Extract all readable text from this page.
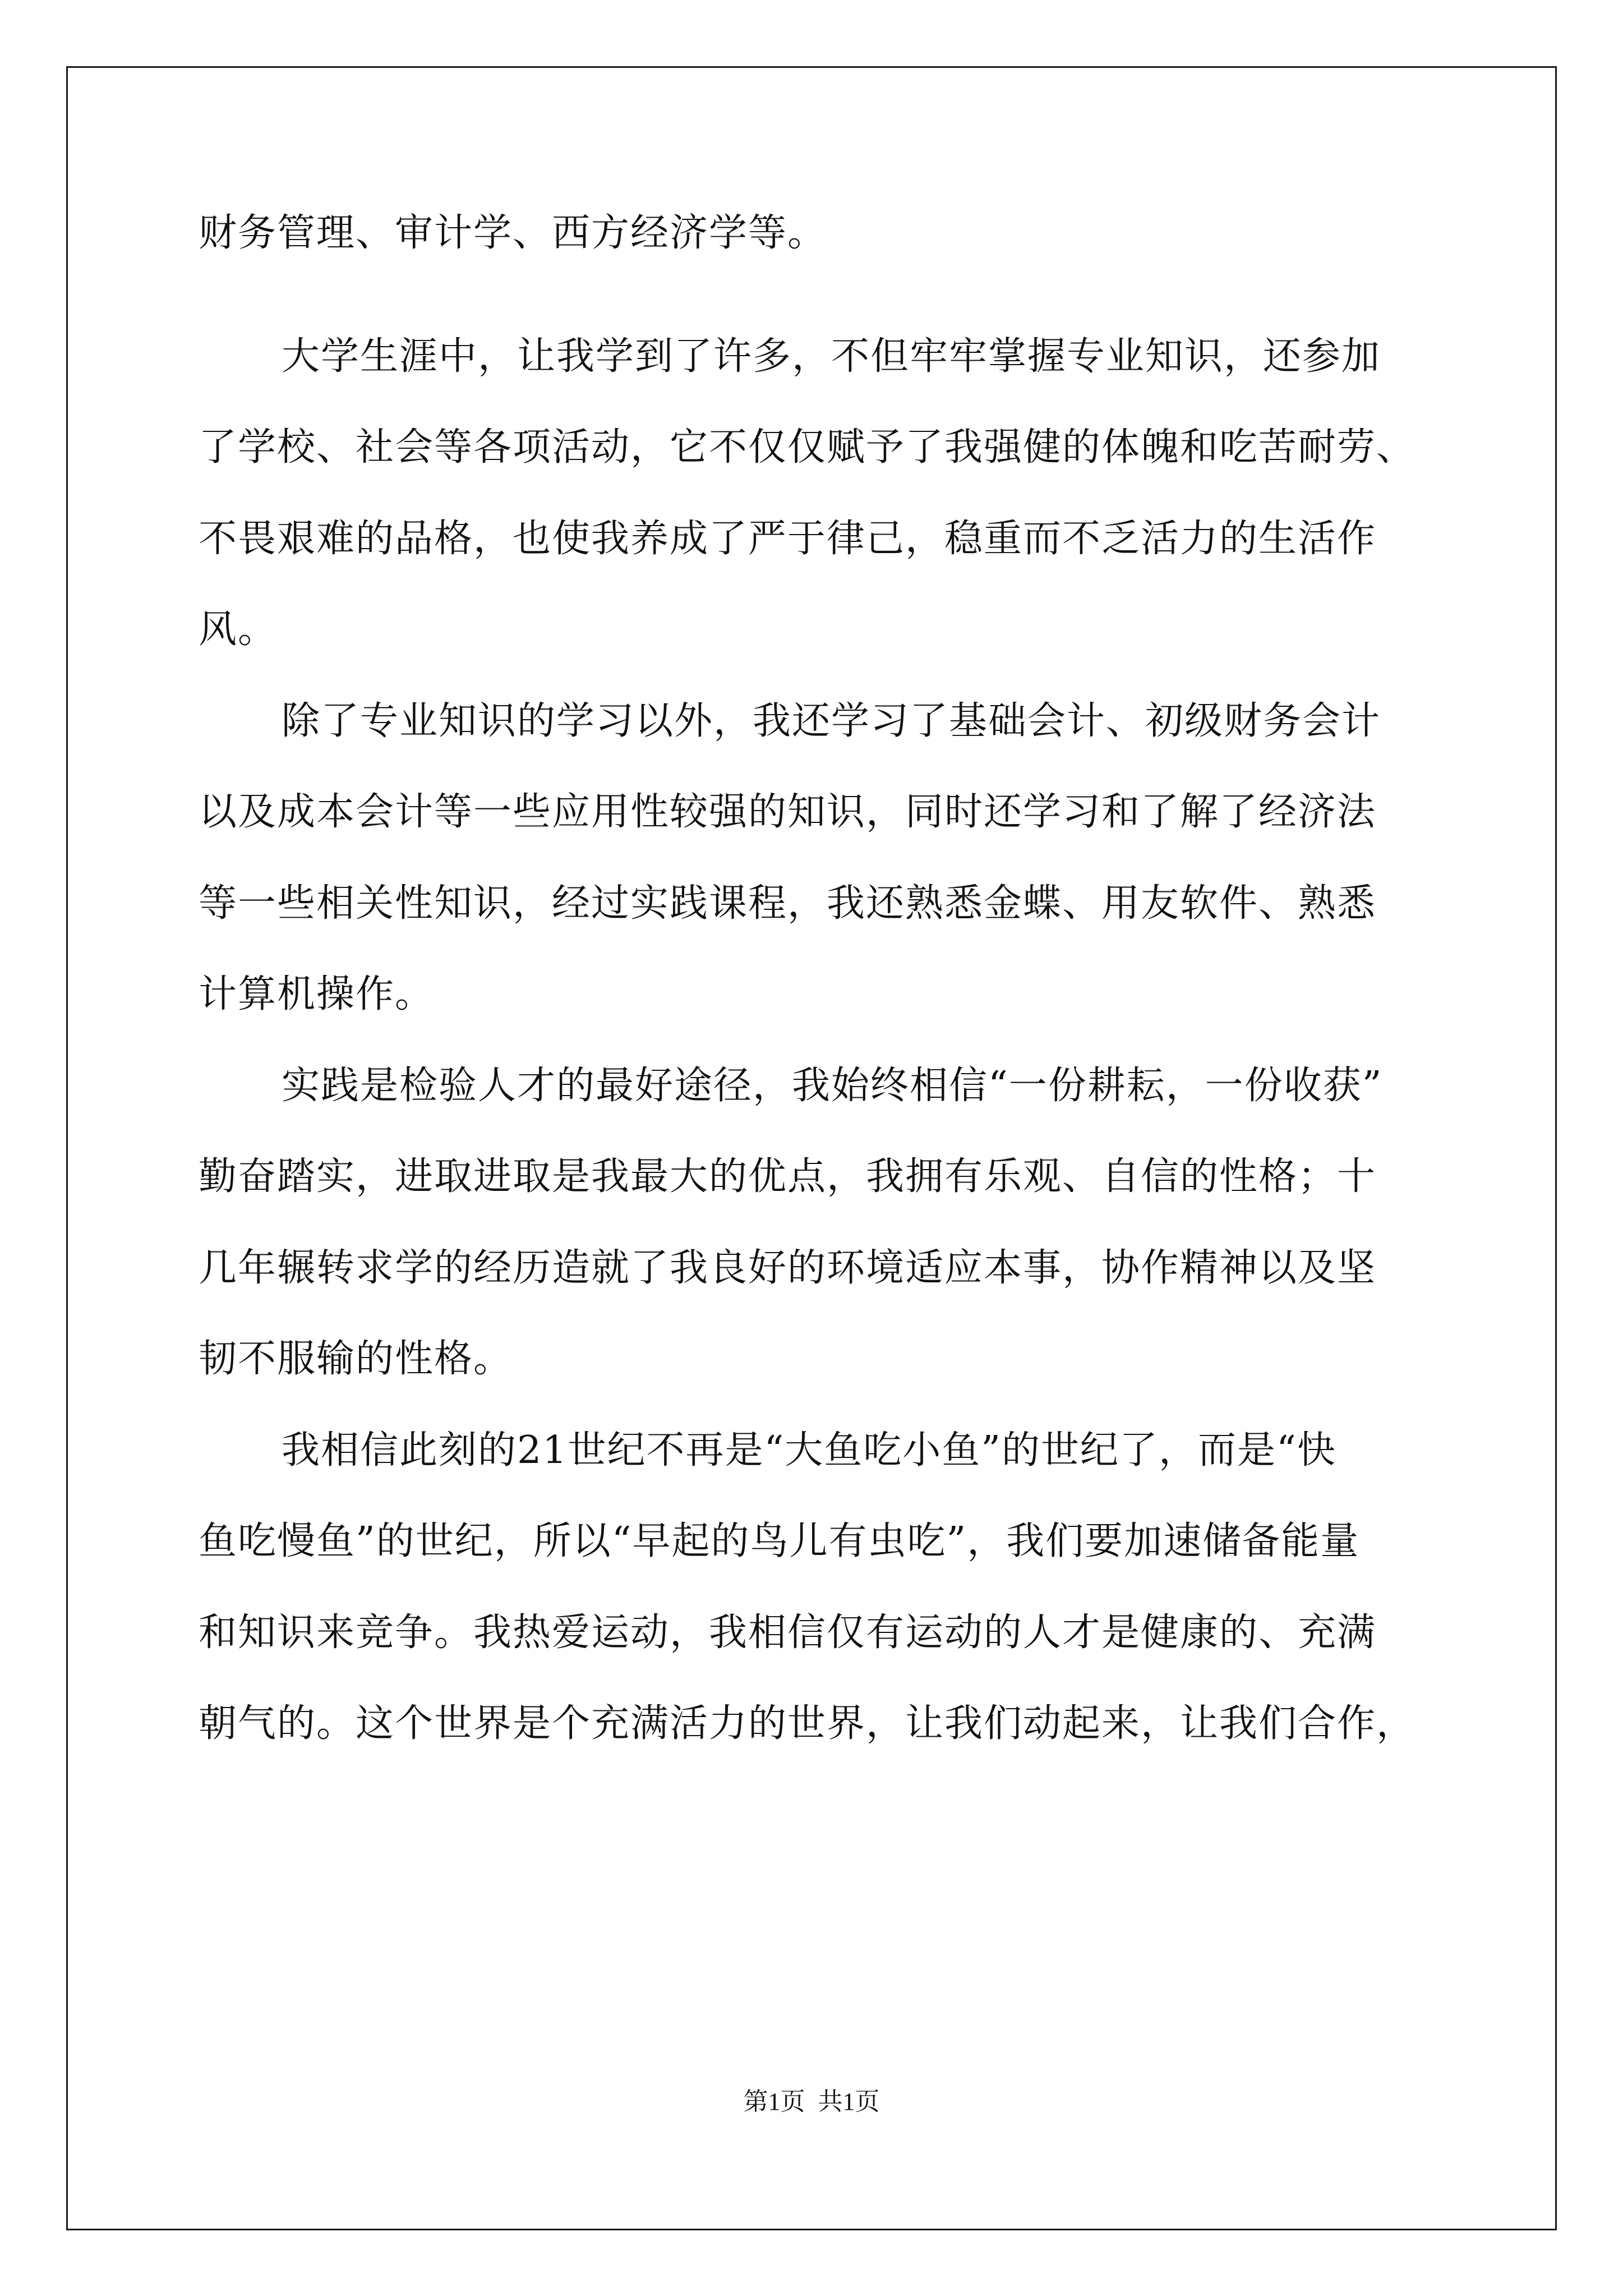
财务管理、审计学、西方经济学等。
大学生涯中，让我学到了许多，不但牢牢掌握专业知识，还参加
了学校、社会等各项活动，它不仅仅赋予了我强健的体魄和吃苦耐劳、
不畏艰难的品格，也使我养成了严于律己，稳重而不乏活力的生活作
风。
除了专业知识的学习以外，我还学习了基础会计、初级财务会计
以及成本会计等一些应用性较强的知识，同时还学习和了解了经济法
等一些相关性知识，经过实践课程，我还熟悉金蝶、用友软件、熟悉
计算机操作。
实践是检验人才的最好途径，我始终相信“一份耕耘，一份收获”
勤奋踏实，进取进取是我最大的优点，我拥有乐观、自信的性格；十
几年辗转求学的经历造就了我良好的环境适应本事，协作精神以及坚
韧不服输的性格。
我相信此刻的21世纪不再是“大鱼吃小鱼”的世纪了，而是“快
鱼吃慢鱼”的世纪，所以“早起的鸟儿有虫吃”，我们要加速储备能量
和知识来竞争。我热爱运动，我相信仅有运动的人才是健康的、充满
朝气的。这个世界是个充满活力的世界，让我们动起来，让我们合作，
第1页 共1页
